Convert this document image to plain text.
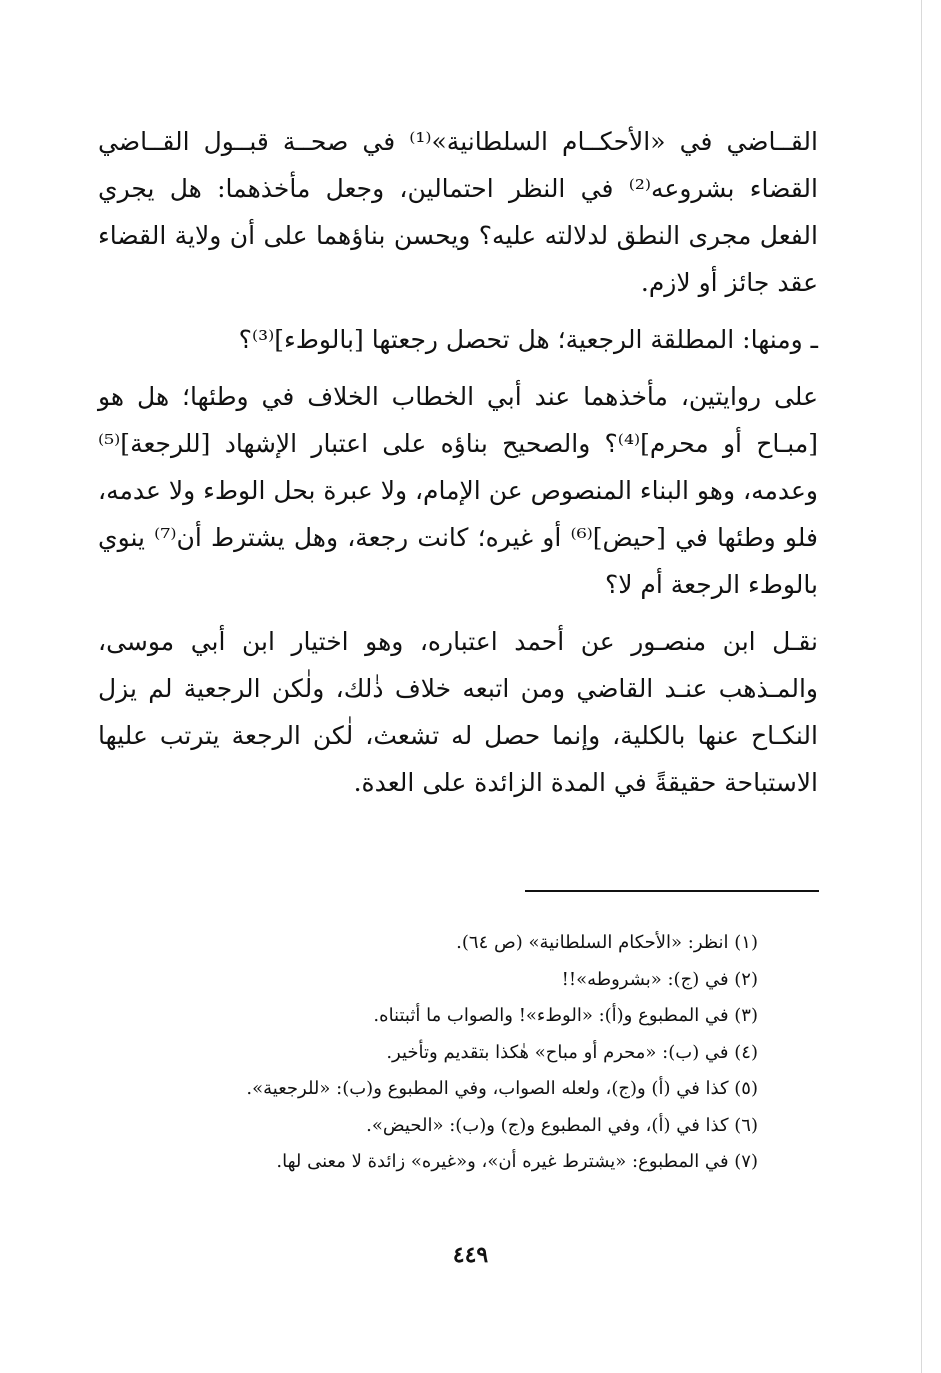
القــاضي في «الأحكــام السلطانية»⁽¹⁾ في صحــة قبــول القــاضي القضاء بشروعه⁽²⁾ في النظر احتمالين، وجعل مأخذهما: هل يجري الفعل مجرى النطق لدلالته عليه؟ ويحسن بناؤهما على أن ولاية القضاء عقد جائز أو لازم.

ـ ومنها: المطلقة الرجعية؛ هل تحصل رجعتها [بالوطء]⁽³⁾؟

على روايتين، مأخذهما عند أبي الخطاب الخلاف في وطئها؛ هل هو [مبـاح أو محرم]⁽⁴⁾؟ والصحيح بناؤه على اعتبار الإشهاد [للرجعة]⁽⁵⁾ وعدمه، وهو البناء المنصوص عن الإمام، ولا عبرة بحل الوطء ولا عدمه، فلو وطئها في [حيض]⁽⁶⁾ أو غيره؛ كانت رجعة، وهل يشترط أن⁽⁷⁾ ينوي بالوطء الرجعة أم لا؟

نقـل ابن منصـور عن أحمد اعتباره، وهو اختيار ابن أبي موسى، والمـذهب عنـد القاضي ومن اتبعه خلاف ذٰلك، ولٰكن الرجعية لم يزل النكـاح عنها بالكلية، وإنما حصل له تشعث، لٰكن الرجعة يترتب عليها الاستباحة حقيقةً في المدة الزائدة على العدة.

(١) انظر: «الأحكام السلطانية» (ص ٦٤).

(٢) في (ج): «بشروطه»!!

(٣) في المطبوع و(أ): «الوطء»! والصواب ما أثبتناه.

(٤) في (ب): «محرم أو مباح» هٰكذا بتقديم وتأخير.

(٥) كذا في (أ) و(ج)، ولعله الصواب، وفي المطبوع و(ب): «للرجعية».

(٦) كذا في (أ)، وفي المطبوع و(ج) و(ب): «الحيض».

(٧) في المطبوع: «يشترط غيره أن»، و«غيره» زائدة لا معنى لها.

٤٤٩
